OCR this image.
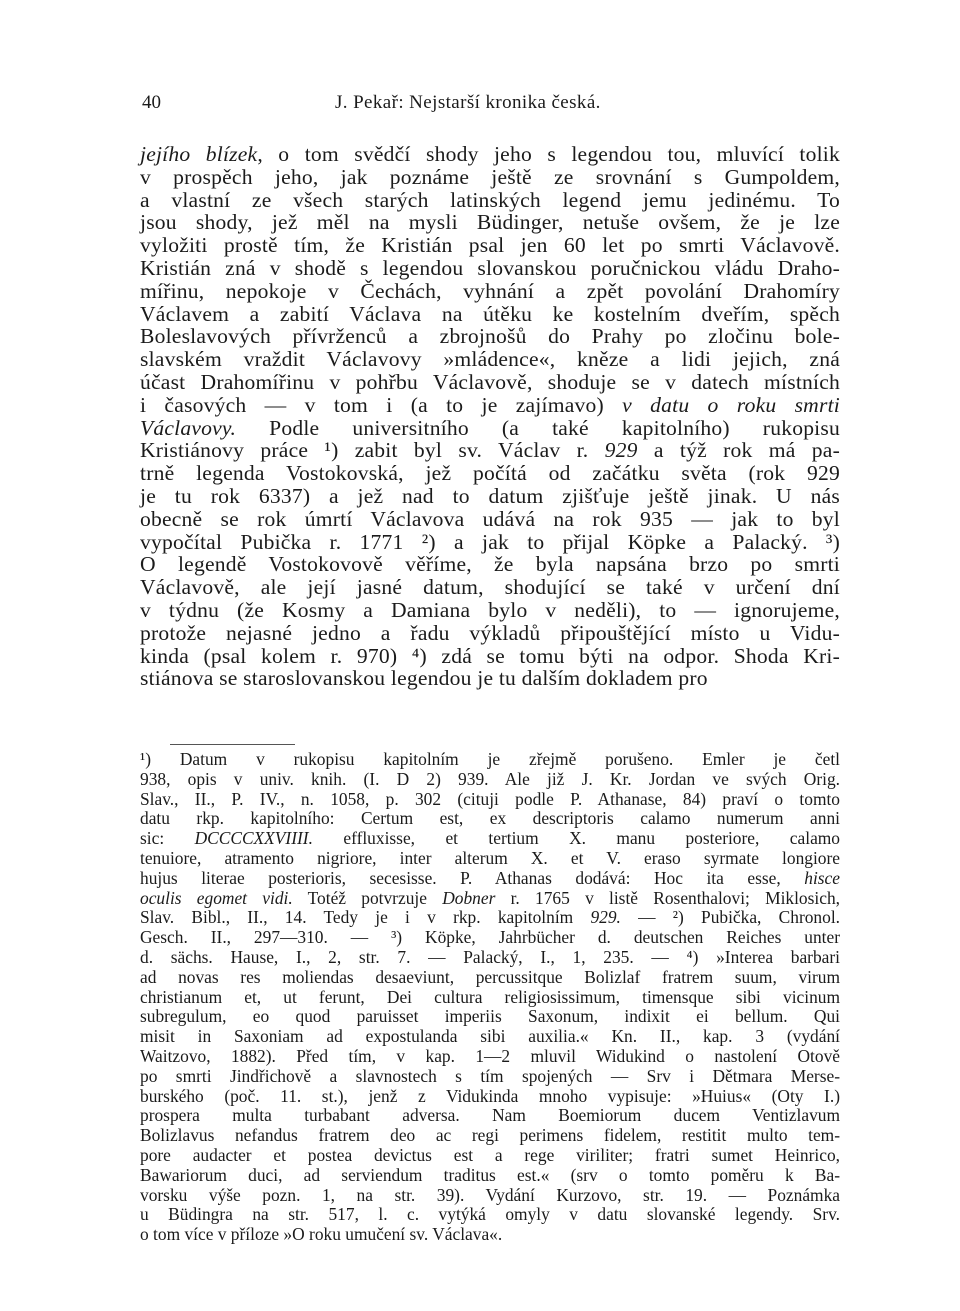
40	J. Pekař: Nejstarší kronika česká.
jejího blízek, o tom svědčí shody jeho s legendou tou, mluvící tolik
v prospěch jeho, jak poznáme ještě ze srovnání s Gumpoldem,
a vlastní ze všech starých latinských legend jemu jedinému. To
jsou shody, jež měl na mysli Büdinger, netuše ovšem, že je lze
vyložiti prostě tím, že Kristián psal jen 60 let po smrti Václavově.
Kristián zná v shodě s legendou slovanskou poručnickou vládu Draho-
mířinu, nepokoje v Čechách, vyhnání a zpět povolání Drahomíry
Václavem a zabití Václava na útěku ke kostelním dveřím, spěch
Boleslavových přívrženců a zbrojnošů do Prahy po zločinu bole-
slavském vraždit Václavovy »mládence«, kněze a lidi jejich, zná
účast Drahomířinu v pohřbu Václavově, shoduje se v datech místních
i časových — v tom i (a to je zajímavo) v datu o roku smrti
Václavovy. Podle universitního (a také kapitolního) rukopisu
Kristiánovy práce ¹) zabit byl sv. Václav r. 929 a týž rok má pa-
trně legenda Vostokovská, jež počítá od začátku světa (rok 929
je tu rok 6337) a jež nad to datum zjišťuje ještě jinak. U nás
obecně se rok úmrtí Václavova udává na rok 935 — jak to byl
vypočítal Pubička r. 1771 ²) a jak to přijal Köpke a Palacký. ³)
O legendě Vostokovově věříme, že byla napsána brzo po smrti
Václavově, ale její jasné datum, shodující se také v určení dní
v týdnu (že Kosmy a Damiana bylo v neděli), to — ignorujeme,
protože nejasné jedno a řadu výkladů připouštějící místo u Vidu-
kinda (psal kolem r. 970) ⁴) zdá se tomu býti na odpor. Shoda Kri-
stiánova se staroslovanskou legendou je tu dalším dokladem pro
¹) Datum v rukopisu kapitolním je zřejmě porušeno. Emler je četl
938, opis v univ. knih. (I. D 2) 939. Ale již J. Kr. Jordan ve svých Orig.
Slav., II., P. IV., n. 1058, p. 302 (cituji podle P. Athanase, 84) praví o tomto
datu rkp. kapitolního: Certum est, ex descriptoris calamo numerum anni
sic: DCCCCXXVIIII. effluxisse, et tertium X. manu posteriore, calamo
tenuiore, atramento nigriore, inter alterum X. et V. eraso syrmate longiore
hujus literae posterioris, secesisse. P. Athanas dodává: Hoc ita esse, hisce
oculis egomet vidi. Totéž potvrzuje Dobner r. 1765 v listě Rosenthalovi; Miklosich,
Slav. Bibl., II., 14. Tedy je i v rkp. kapitolním 929. — ²) Pubička, Chronol.
Gesch. II., 297—310. — ³) Köpke, Jahrbücher d. deutschen Reiches unter
d. sächs. Hause, I., 2, str. 7. — Palacký, I., 1, 235. — ⁴) »Interea barbari
ad novas res moliendas desaeviunt, percussitque Bolizlaf fratrem suum, virum
christianum et, ut ferunt, Dei cultura religiosissimum, timensque sibi vicinum
subregulum, eo quod paruisset imperiis Saxonum, indixit ei bellum. Qui
misit in Saxoniam ad expostulanda sibi auxilia.« Kn. II., kap. 3 (vydání
Waitzovo, 1882). Před tím, v kap. 1—2 mluvil Widukind o nastolení Otově
po smrti Jindřichově a slavnostech s tím spojených — Srv i Dětmara Merse-
burského (poč. 11. st.), jenž z Vidukinda mnoho vypisuje: »Huius« (Oty I.)
prospera multa turbabant adversa. Nam Boemiorum ducem Ventizlavum
Bolizlavus nefandus fratrem deo ac regi perimens fidelem, restitit multo tem-
pore audacter et postea devictus est a rege viriliter; fratri sumet Heinrico,
Bawariorum duci, ad serviendum traditus est.« (srv o tomto poměru k Ba-
vorsku výše pozn. 1, na str. 39). Vydání Kurzovo, str. 19. — Poznámka
u Büdingra na str. 517, l. c. vytýká omyly v datu slovanské legendy. Srv.
o tom více v příloze »O roku umučení sv. Václava«.
